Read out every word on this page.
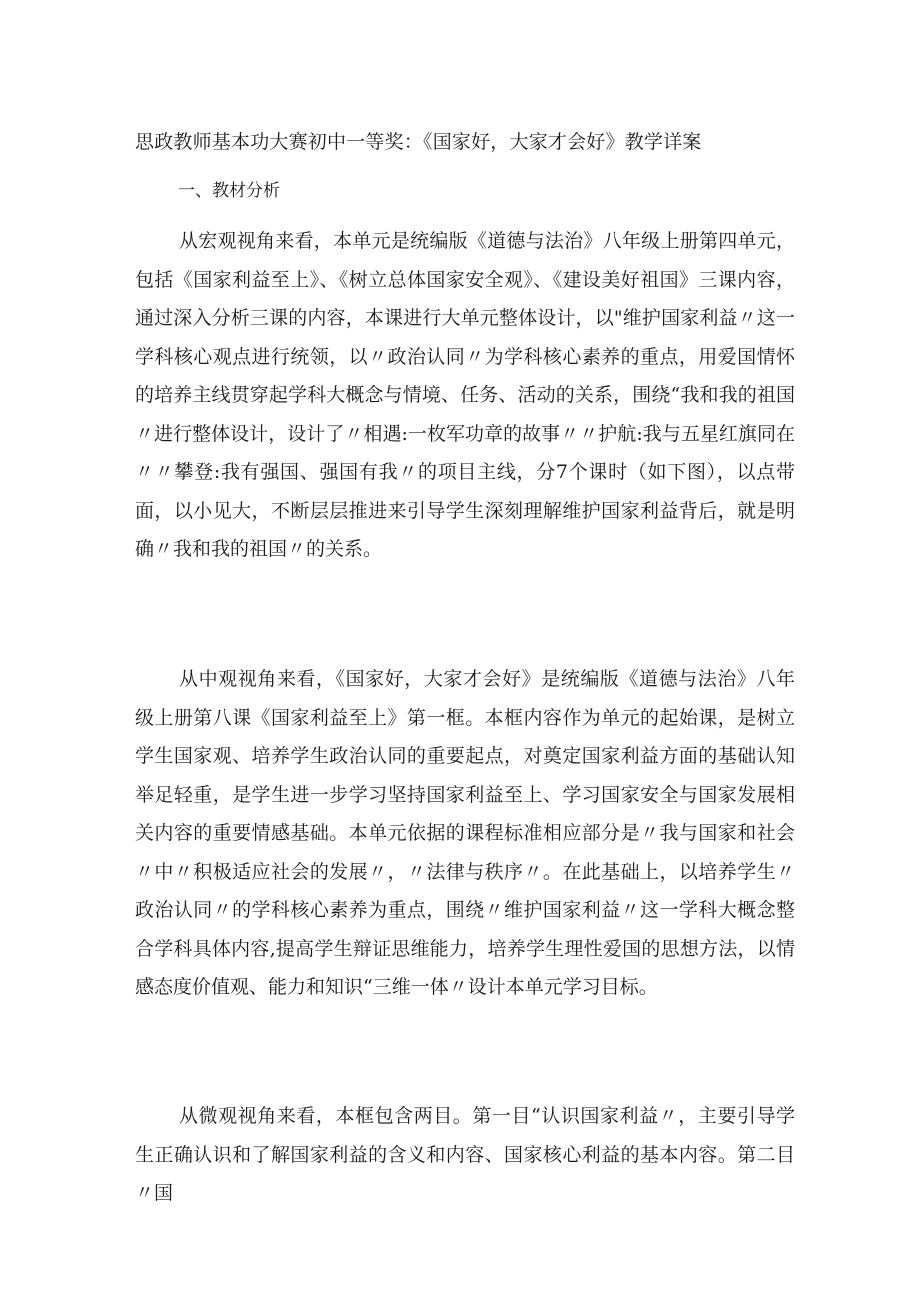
思政教师基本功大赛初中一等奖：《国家好，大家才会好》教学详案
一、教材分析

从宏观视角来看，本单元是统编版《道德与法治》八年级上册第四单元，包括《国家利益至上》、《树立总体国家安全观》、《建设美好祖国》三课内容，通过深入分析三课的内容，本课进行大单元整体设计，以"维护国家利益〃这一学科核心观点进行统领，以〃政治认同〃为学科核心素养的重点，用爱国情怀的培养主线贯穿起学科大概念与情境、任务、活动的关系，围绕“我和我的祖国〃进行整体设计，设计了〃相遇:一枚军功章的故事〃〃护航:我与五星红旗同在〃〃攀登:我有强国、强国有我〃的项目主线，分7个课时（如下图），以点带面，以小见大，不断层层推进来引导学生深刻理解维护国家利益背后，就是明确〃我和我的祖国〃的关系。

从中观视角来看，《国家好，大家才会好》是统编版《道德与法治》八年级上册第八课《国家利益至上》第一框。本框内容作为单元的起始课，是树立学生国家观、培养学生政治认同的重要起点，对奠定国家利益方面的基础认知举足轻重，是学生进一步学习坚持国家利益至上、学习国家安全与国家发展相关内容的重要情感基础。本单元依据的课程标准相应部分是〃我与国家和社会〃中〃积极适应社会的发展〃，〃法律与秩序〃。在此基础上，以培养学生〃政治认同〃的学科核心素养为重点，围绕〃维护国家利益〃这一学科大概念整合学科具体内容,提高学生辩证思维能力，培养学生理性爱国的思想方法，以情感态度价值观、能力和知识“三维一体〃设计本单元学习目标。

从微观视角来看，本框包含两目。第一目“认识国家利益〃，主要引导学生正确认识和了解国家利益的含义和内容、国家核心利益的基本内容。第二目〃国
